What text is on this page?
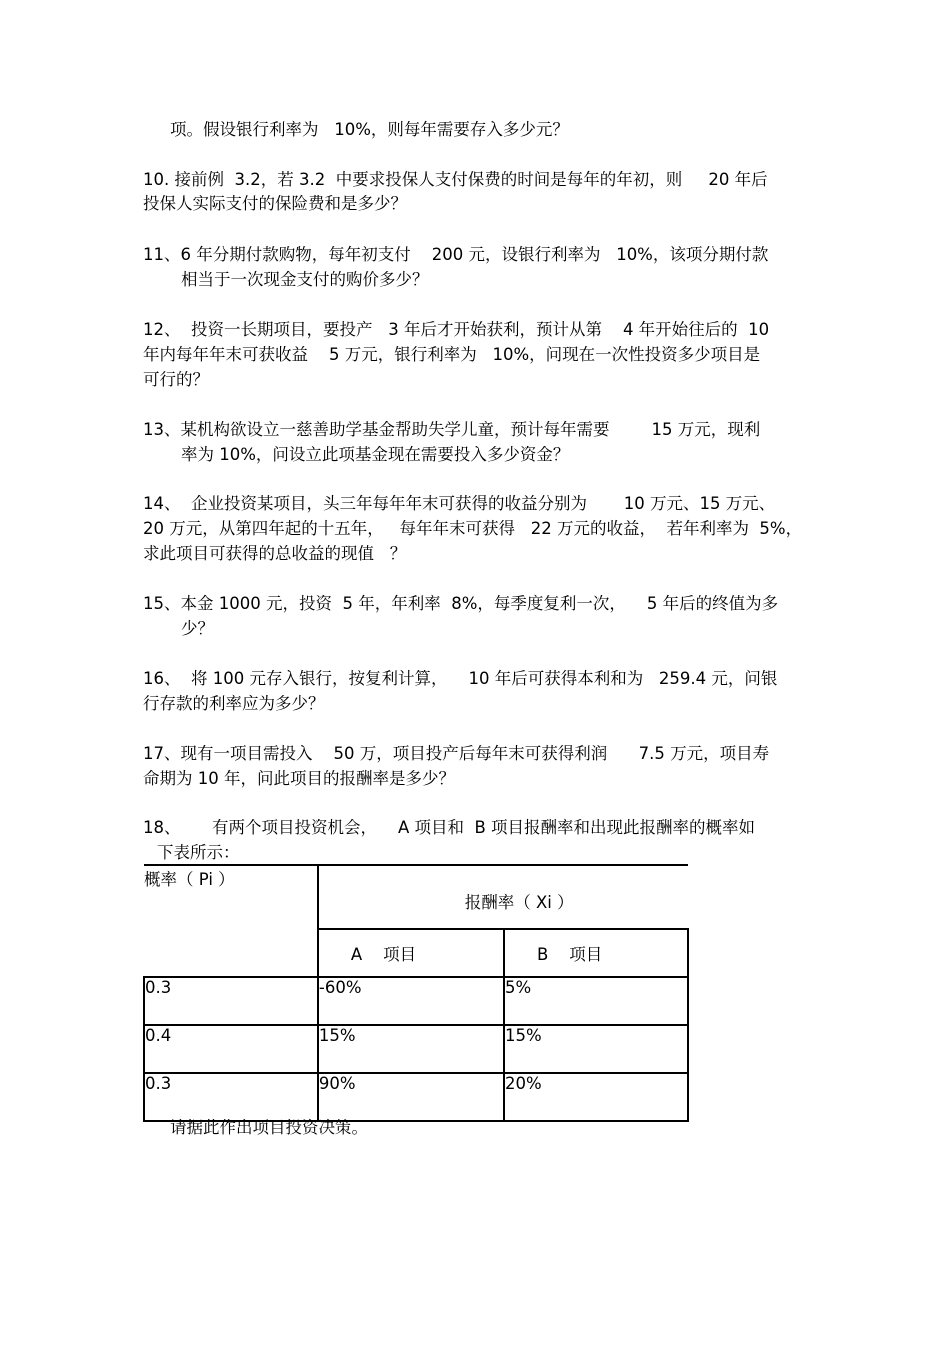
项。假设银行利率为   10%，则每年需要存入多少元？
10. 接前例  3.2，若 3.2  中要求投保人支付保费的时间是每年的年初，则     20 年后
投保人实际支付的保险费和是多少？
11、6 年分期付款购物，每年初支付    200 元，设银行利率为   10%，该项分期付款
相当于一次现金支付的购价多少？
12、  投资一长期项目，要投产   3 年后才开始获利，预计从第    4 年开始往后的  10
年内每年年末可获收益    5 万元，银行利率为   10%，问现在一次性投资多少项目是
可行的？
13、某机构欲设立一慈善助学基金帮助失学儿童，预计每年需要        15 万元，现利
率为 10%，问设立此项基金现在需要投入多少资金？
14、  企业投资某项目，头三年每年年末可获得的收益分别为       10 万元、15 万元、
20 万元，从第四年起的十五年，   每年年末可获得   22 万元的收益，  若年利率为  5%，
求此项目可获得的总收益的现值   ？
15、本金 1000 元，投资  5 年，年利率  8%，每季度复利一次，    5 年后的终值为多
少？
16、  将 100 元存入银行，按复利计算，    10 年后可获得本利和为   259.4 元，问银
行存款的利率应为多少？
17、现有一项目需投入    50 万，项目投产后每年末可获得利润      7.5 万元，项目寿
命期为 10 年，问此项目的报酬率是多少？
18、      有两个项目投资机会，    A 项目和  B 项目报酬率和出现此报酬率的概率如
下表所示：
概率（ Pi ）	报酬率（ Xi ）	

	A    项目	B    项目
0.3	-60%	5%
0.4	15%	15%
0.3	90%	20%
请据此作出项目投资决策。
